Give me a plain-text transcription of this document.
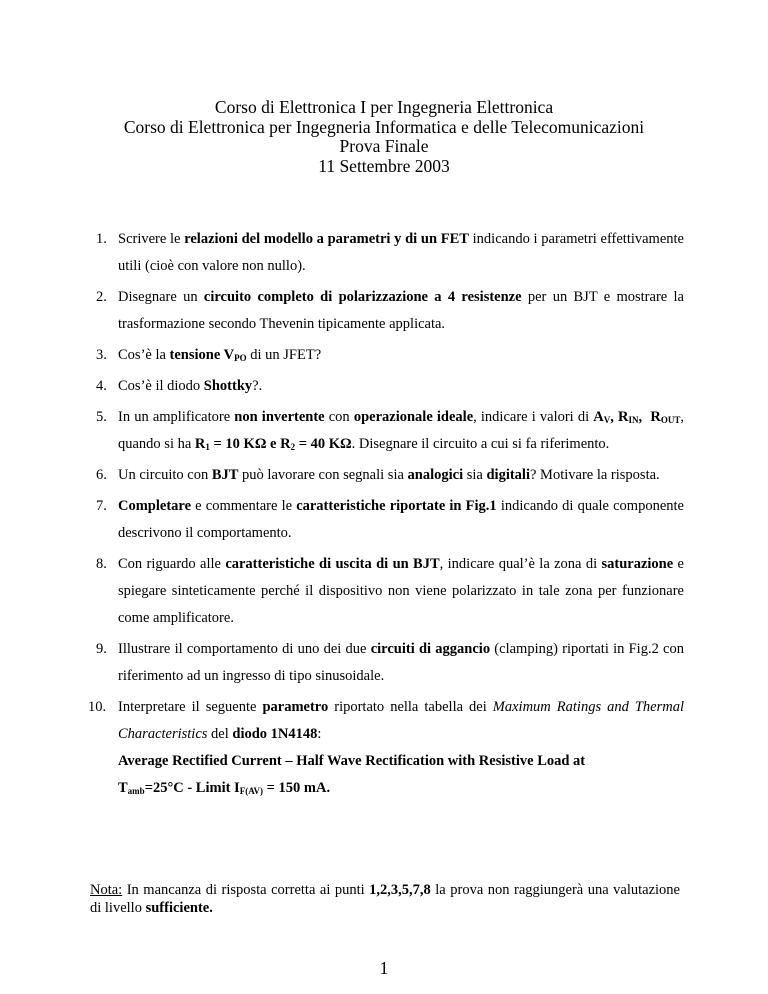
Corso di Elettronica I per Ingegneria Elettronica
Corso di Elettronica per Ingegneria Informatica e delle Telecomunicazioni
Prova Finale
11 Settembre 2003
1. Scrivere le relazioni del modello a parametri y di un FET indicando i parametri effettivamente utili (cioè con valore non nullo).
2. Disegnare un circuito completo di polarizzazione a 4 resistenze per un BJT e mostrare la trasformazione secondo Thevenin tipicamente applicata.
3. Cos’è la tensione $V_{PO}$ di un JFET?
4. Cos’è il diodo Shottky?.
5. In un amplificatore non invertente con operazionale ideale, indicare i valori di $A_V$, $R_{IN}$, $R_{OUT}$, quando si ha $R_1 = 10$ KΩ e $R_2 = 40$ KΩ. Disegnare il circuito a cui si fa riferimento.
6. Un circuito con BJT può lavorare con segnali sia analogici sia digitali? Motivare la risposta.
7. Completare e commentare le caratteristiche riportate in Fig.1 indicando di quale componente descrivono il comportamento.
8. Con riguardo alle caratteristiche di uscita di un BJT, indicare qual’è la zona di saturazione e spiegare sinteticamente perché il dispositivo non viene polarizzato in tale zona per funzionare come amplificatore.
9. Illustrare il comportamento di uno dei due circuiti di aggancio (clamping) riportati in Fig.2 con riferimento ad un ingresso di tipo sinusoidale.
10. Interpretare il seguente parametro riportato nella tabella dei Maximum Ratings and Thermal Characteristics del diodo 1N4148:
Average Rectified Current – Half Wave Rectification with Resistive Load at
$T_{amb}=25^\circ C$ - Limit $I_{F(AV)} = 150$ mA.
Nota: In mancanza di risposta corretta ai punti 1,2,3,5,7,8 la prova non raggiungerà una valutazione di livello sufficiente.
1
